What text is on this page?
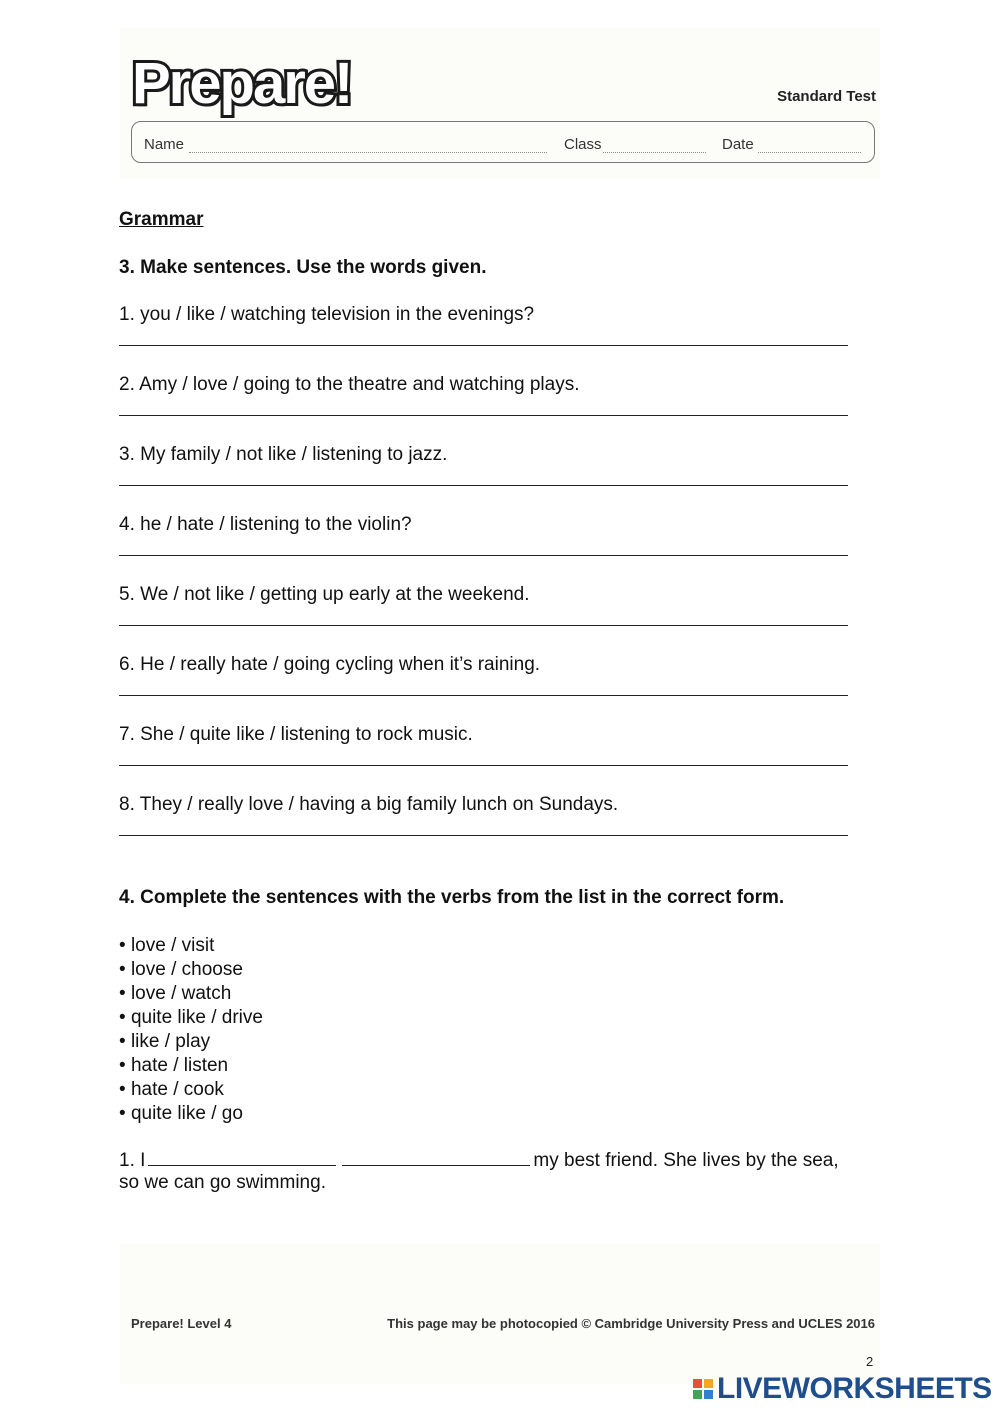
Prepare!	Standard Test
Name	Class	Date
Grammar
3. Make sentences. Use the words given.
1. you / like / watching television in the evenings?
2. Amy / love / going to the theatre and watching plays.
3. My family / not like / listening to jazz.
4. he / hate / listening to the violin?
5. We / not like / getting up early at the weekend.
6. He / really hate / going cycling when it’s raining.
7. She / quite like / listening to rock music.
8. They / really love / having a big family lunch on Sundays.
4. Complete the sentences with the verbs from the list in the correct form.
• love / visit
• love / choose
• love / watch
• quite like / drive
• like / play
• hate / listen
• hate / cook
• quite like / go
1. I	my best friend. She lives by the sea,
so we can go swimming.
Prepare! Level 4	This page may be photocopied © Cambridge University Press and UCLES 2016
2
LIVEWORKSHEETS
